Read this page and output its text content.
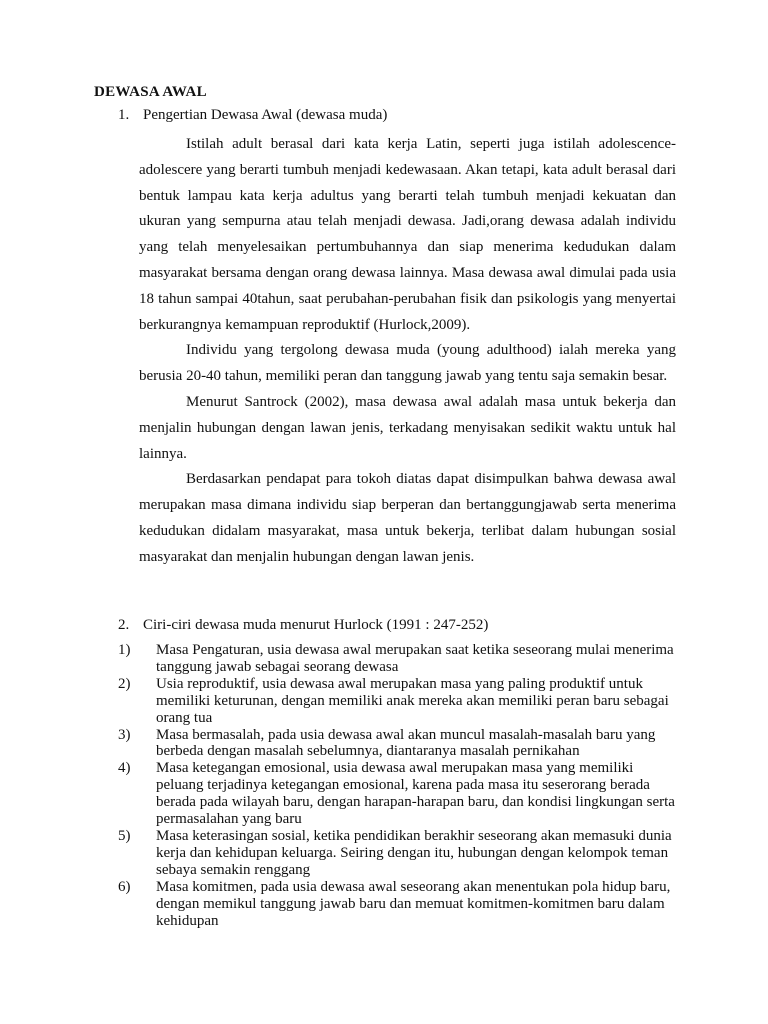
DEWASA AWAL
1. Pengertian Dewasa Awal (dewasa muda)

Istilah adult berasal dari kata kerja Latin, seperti juga istilah adolescence-adolescere yang berarti tumbuh menjadi kedewasaan. Akan tetapi, kata adult berasal dari bentuk lampau kata kerja adultus yang berarti telah tumbuh menjadi kekuatan dan ukuran yang sempurna atau telah menjadi dewasa. Jadi,orang dewasa adalah individu yang telah menyelesaikan pertumbuhannya dan siap menerima kedudukan dalam masyarakat bersama dengan orang dewasa lainnya. Masa dewasa awal dimulai pada usia 18 tahun sampai 40tahun, saat perubahan-perubahan fisik dan psikologis yang menyertai berkurangnya kemampuan reproduktif (Hurlock,2009).

Individu yang tergolong dewasa muda (young adulthood) ialah mereka yang berusia 20-40 tahun, memiliki peran dan tanggung jawab yang tentu saja semakin besar.

Menurut Santrock (2002), masa dewasa awal adalah masa untuk bekerja dan menjalin hubungan dengan lawan jenis, terkadang menyisakan sedikit waktu untuk hal lainnya.

Berdasarkan pendapat para tokoh diatas dapat disimpulkan bahwa dewasa awal merupakan masa dimana individu siap berperan dan bertanggungjawab serta menerima kedudukan didalam masyarakat, masa untuk bekerja, terlibat dalam hubungan sosial masyarakat dan menjalin hubungan dengan lawan jenis.

2. Ciri-ciri dewasa muda menurut Hurlock (1991 : 247-252)
1) Masa Pengaturan, usia dewasa awal merupakan saat ketika seseorang mulai menerima tanggung jawab sebagai seorang dewasa
2) Usia reproduktif, usia dewasa awal merupakan masa yang paling produktif untuk memiliki keturunan, dengan memiliki anak mereka akan memiliki peran baru sebagai orang tua
3) Masa bermasalah, pada usia dewasa awal akan muncul masalah-masalah baru yang berbeda dengan masalah sebelumnya, diantaranya masalah pernikahan
4) Masa ketegangan emosional, usia dewasa awal merupakan masa yang memiliki peluang terjadinya ketegangan emosional, karena pada masa itu seserorang berada berada pada wilayah baru, dengan harapan-harapan baru, dan kondisi lingkungan serta permasalahan yang baru
5) Masa keterasingan sosial, ketika pendidikan berakhir seseorang akan memasuki dunia kerja dan kehidupan keluarga. Seiring dengan itu, hubungan dengan kelompok teman sebaya semakin renggang
6) Masa komitmen, pada usia dewasa awal seseorang akan menentukan pola hidup baru, dengan memikul tanggung jawab baru dan memuat komitmen-komitmen baru dalam kehidupan
